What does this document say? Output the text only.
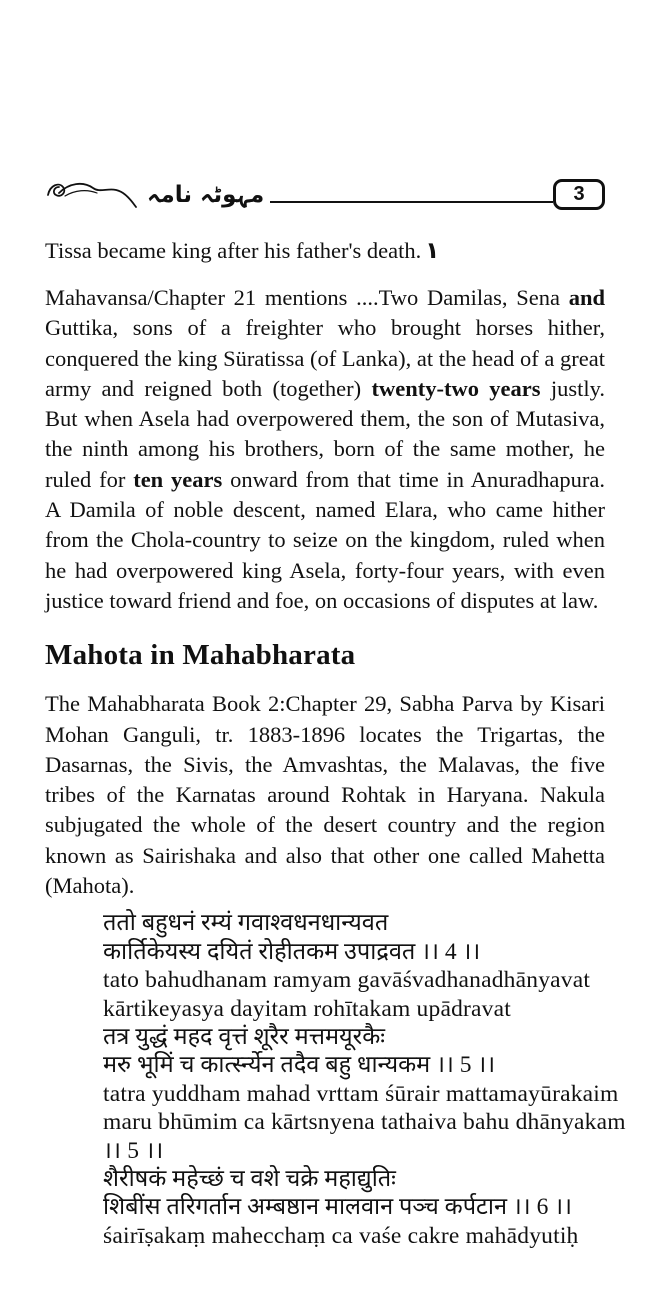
مہوٹہ نامہ	3

Tissa became king after his father's death. ١

Mahavansa/Chapter 21 mentions ....Two Damilas, Sena and Guttika, sons of a freighter who brought horses hither, conquered the king Süratissa (of Lanka), at the head of a great army and reigned both (together) twenty-two years justly. But when Asela had overpowered them, the son of Mutasiva, the ninth among his brothers, born of the same mother, he ruled for ten years onward from that time in Anuradhapura. A Damila of noble descent, named Elara, who came hither from the Chola-country to seize on the kingdom, ruled when he had overpowered king Asela, forty-four years, with even justice toward friend and foe, on occasions of disputes at law.

Mahota in Mahabharata

The Mahabharata Book 2:Chapter 29, Sabha Parva by Kisari Mohan Ganguli, tr. 1883-1896 locates the Trigartas, the Dasarnas, the Sivis, the Amvashtas, the Malavas, the five tribes of the Karnatas around Rohtak in Haryana. Nakula subjugated the whole of the desert country and the region known as Sairishaka and also that other one called Mahetta (Mahota).

ततो बहुधनं रम्यं गवाश्वधनधान्यवत
कार्तिकेयस्य दयितं रोहीतकम उपाद्रवत ।। 4 ।।
tato bahudhanam ramyam gavāśvadhanadhānyavat
kārtikeyasya dayitam rohītakam upādravat
तत्र युद्धं महद वृत्तं शूरैर मत्तमयूरकैः
मरु भूमिं च कार्त्स्न्येन तदैव बहु धान्यकम ।। 5 ।।
tatra yuddham mahad vrttam śūrair mattamayūrakaim
maru bhūmim ca kārtsnyena tathaiva bahu dhānyakam
।। 5 ।।
शैरीषकं महेच्छं च वशे चक्रे महाद्युतिः
शिबींस तरिगर्तान अम्बष्ठान मालवान पञ्च कर्पटान ।। 6 ।।
śairīṣakaṃ mahecchaṃ ca vaśe cakre mahādyutiḥ
